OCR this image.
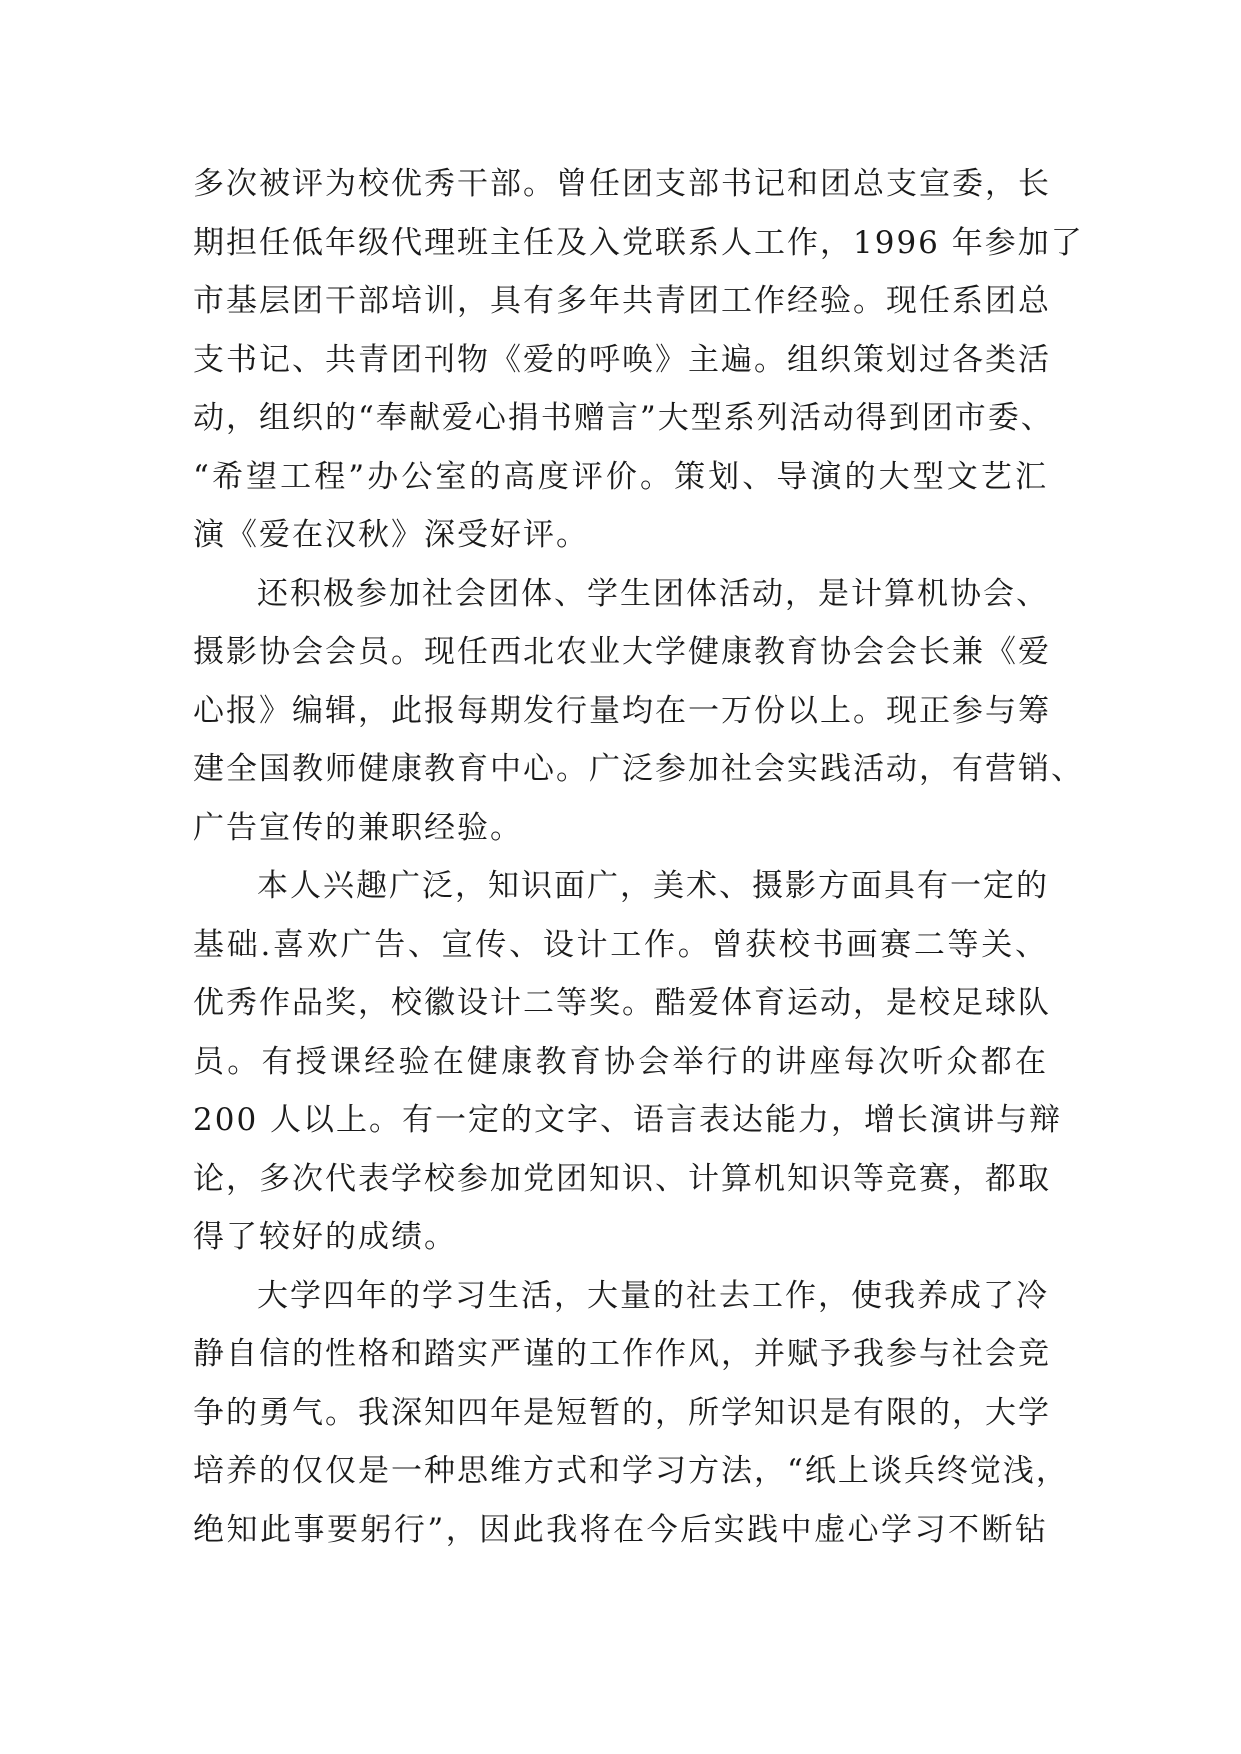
多次被评为校优秀干部。曾任团支部书记和团总支宣委，长
期担任低年级代理班主任及入党联系人工作，1996 年参加了
市基层团干部培训，具有多年共青团工作经验。现任系团总
支书记、共青团刊物《爱的呼唤》主遍。组织策划过各类活
动，组织的“奉献爱心捐书赠言”大型系列活动得到团市委、
“希望工程”办公室的高度评价。策划、导演的大型文艺汇
演《爱在汉秋》深受好评。
还积极参加社会团体、学生团体活动，是计算机协会、
摄影协会会员。现任西北农业大学健康教育协会会长兼《爱
心报》编辑，此报每期发行量均在一万份以上。现正参与筹
建全国教师健康教育中心。广泛参加社会实践活动，有营销、
广告宣传的兼职经验。
本人兴趣广泛，知识面广，美术、摄影方面具有一定的
基础.喜欢广告、宣传、设计工作。曾获校书画赛二等关、
优秀作品奖，校徽设计二等奖。酷爱体育运动，是校足球队
员。有授课经验在健康教育协会举行的讲座每次听众都在
200 人以上。有一定的文字、语言表达能力，增长演讲与辩
论，多次代表学校参加党团知识、计算机知识等竞赛，都取
得了较好的成绩。
大学四年的学习生活，大量的社去工作，使我养成了冷
静自信的性格和踏实严谨的工作作风，并赋予我参与社会竞
争的勇气。我深知四年是短暂的，所学知识是有限的，大学
培养的仅仅是一种思维方式和学习方法，“纸上谈兵终觉浅，
绝知此事要躬行”，因此我将在今后实践中虚心学习不断钻
